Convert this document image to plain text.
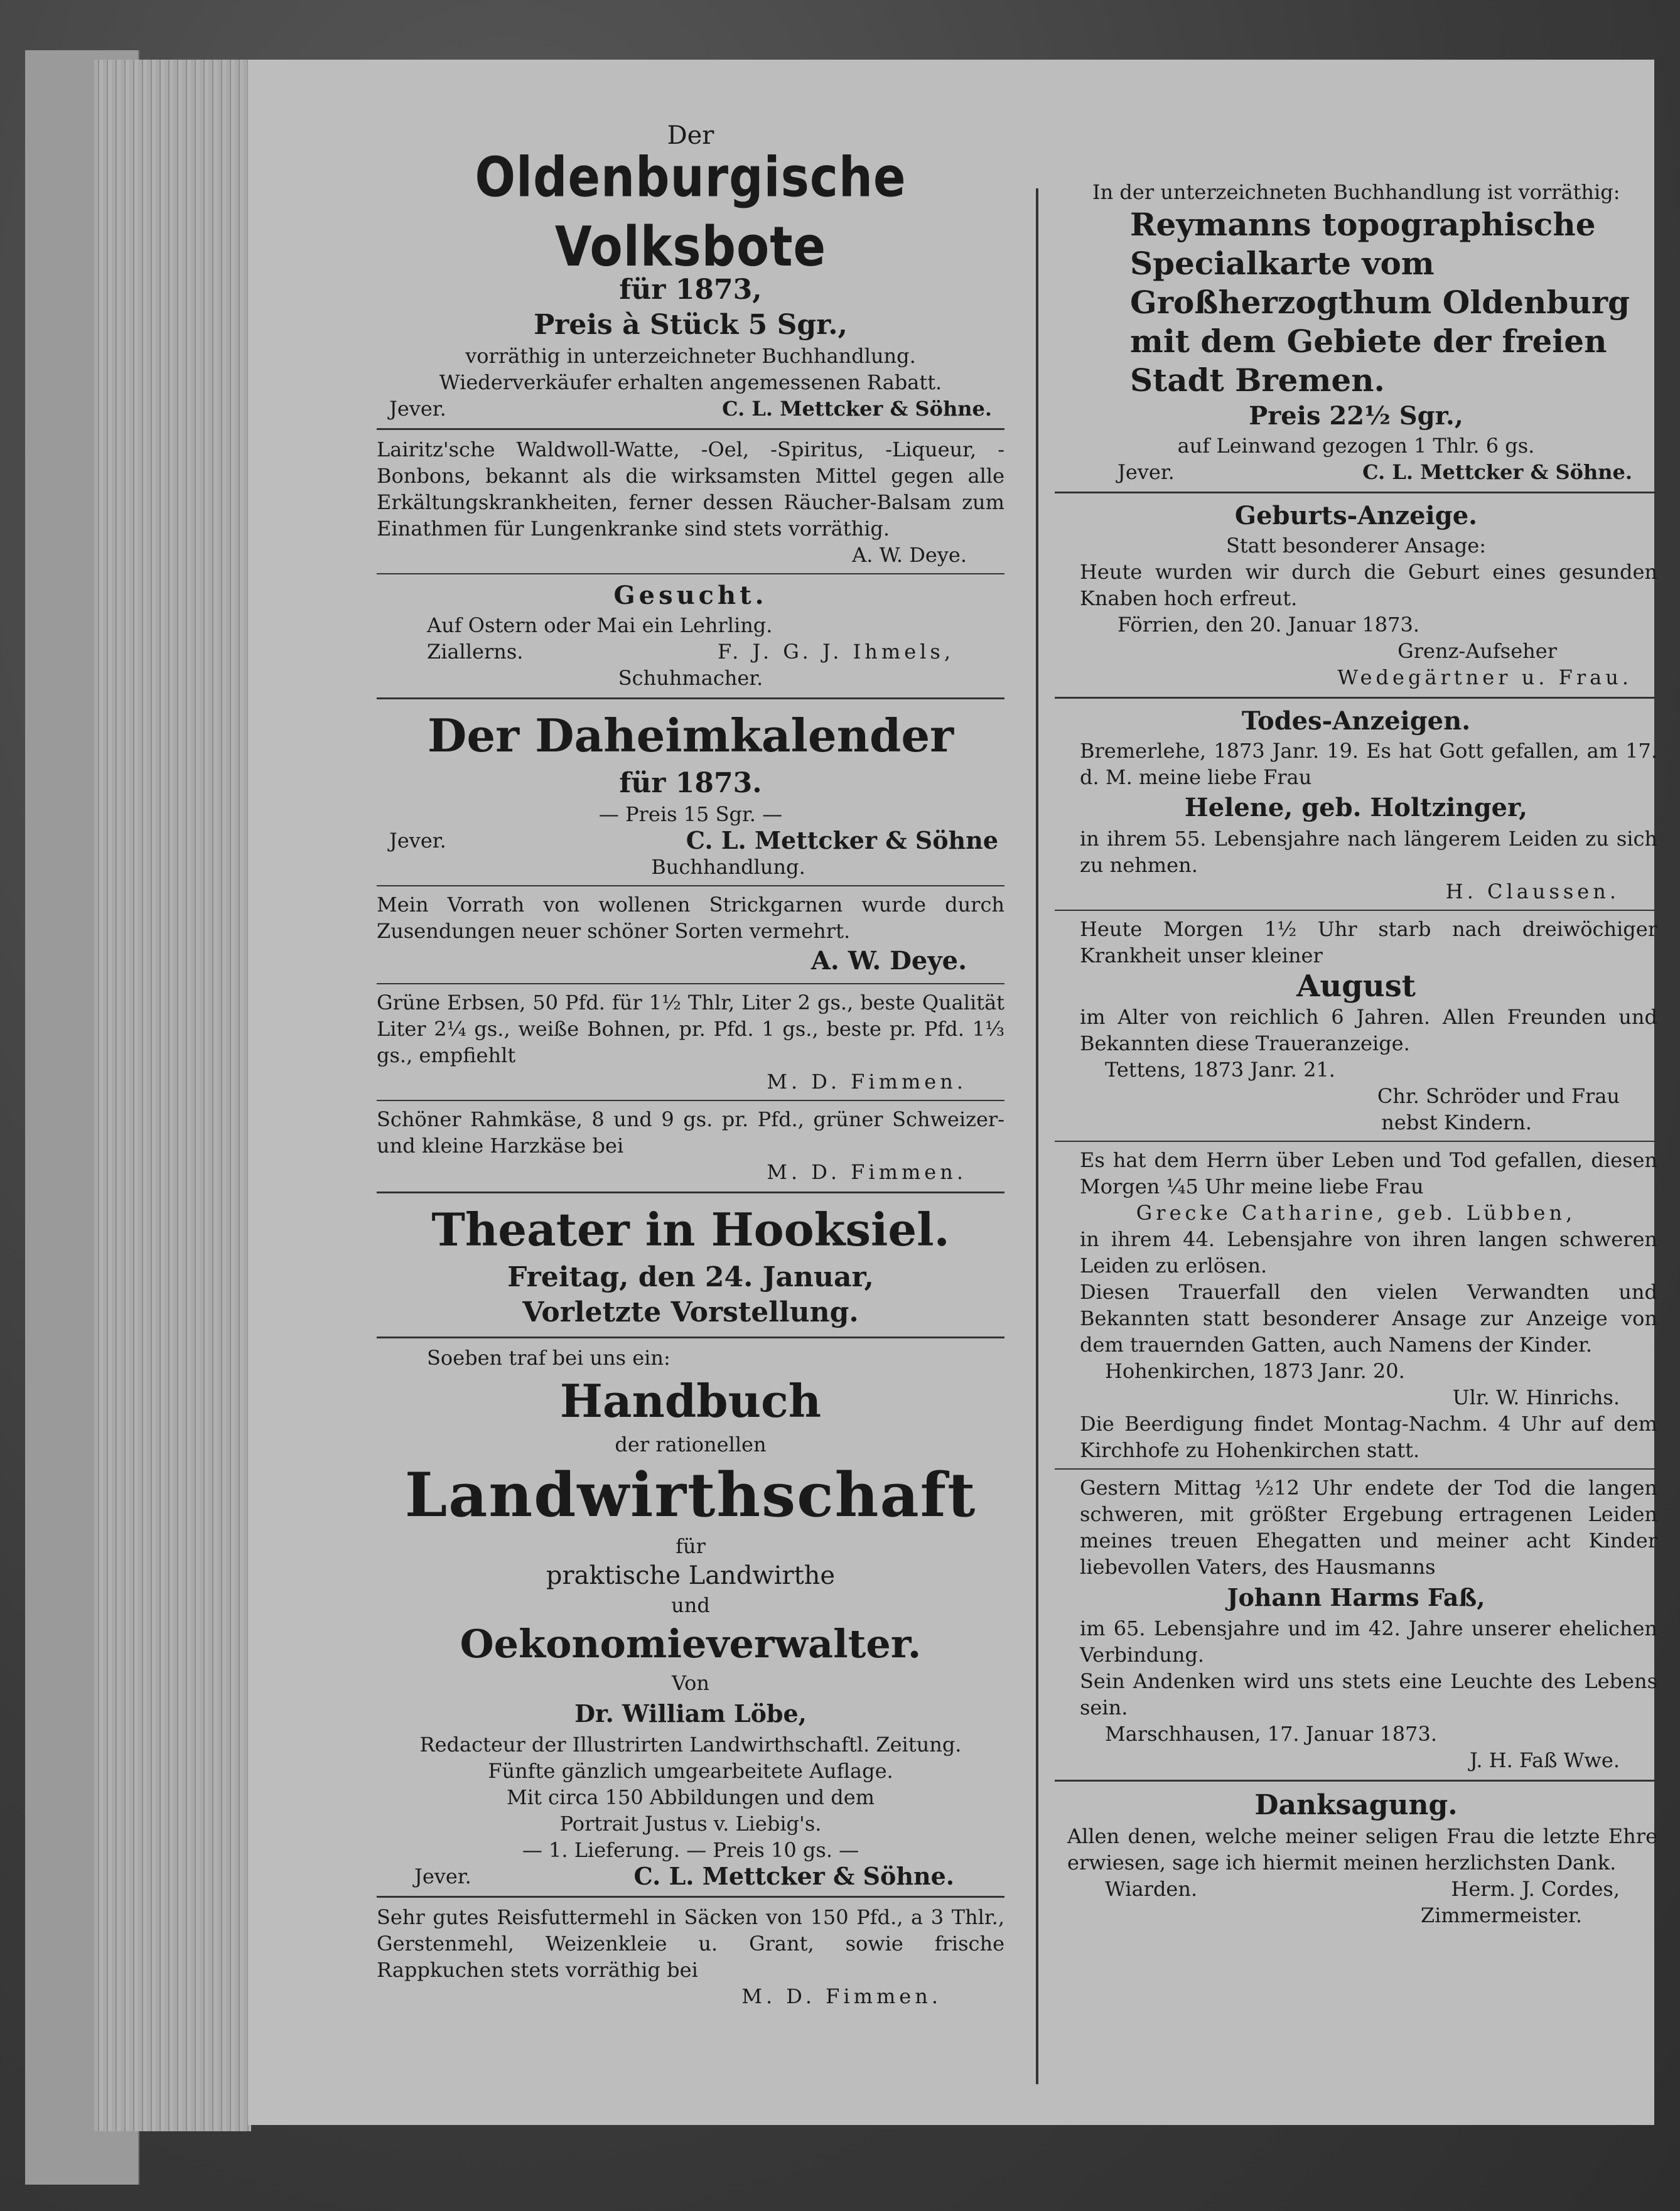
Der
Oldenburgische Volksbote
für 1873,
Preis à Stück 5 Sgr.,
vorräthig in unterzeichneter Buchhandlung.
Wiederverkäufer erhalten angemessenen Rabatt.
Jever.	C. L. Mettcker & Söhne.
Lairitz'sche Waldwoll-Watte, -Oel, -Spiritus, -Liqueur, -Bonbons, bekannt als die wirksamsten Mittel gegen alle Erkältungskrankheiten, ferner dessen Räucher-Balsam zum Einathmen für Lungenkranke sind stets vorräthig.
A. W. Deye.
Gesucht.
Auf Ostern oder Mai ein Lehrling.
Ziallerns.	F. J. G. J. Ihmels,
Schuhmacher.
Der Daheimkalender
für 1873.
— Preis 15 Sgr. —
Jever.	C. L. Mettcker & Söhne
Buchhandlung.
Mein Vorrath von wollenen Strickgarnen wurde durch Zusendungen neuer schöner Sorten vermehrt.
A. W. Deye.
Grüne Erbsen, 50 Pfd. für 1½ Thlr, Liter 2 gs., beste Qualität Liter 2¼ gs., weiße Bohnen, pr. Pfd. 1 gs., beste pr. Pfd. 1⅓ gs., empfiehlt
M. D. Fimmen.
Schöner Rahmkäse, 8 und 9 gs. pr. Pfd., grüner Schweizer- und kleine Harzkäse bei
M. D. Fimmen.
Theater in Hooksiel.
Freitag, den 24. Januar,
Vorletzte Vorstellung.
Soeben traf bei uns ein:
Handbuch
der rationellen
Landwirthschaft
für
praktische Landwirthe
und
Oekonomieverwalter.
Von
Dr. William Löbe,
Redacteur der Illustrirten Landwirthschaftl. Zeitung.
Fünfte gänzlich umgearbeitete Auflage.
Mit circa 150 Abbildungen und dem
Portrait Justus v. Liebig's.
— 1. Lieferung. — Preis 10 gs. —
Jever.	C. L. Mettcker & Söhne.
Sehr gutes Reisfuttermehl in Säcken von 150 Pfd., a 3 Thlr., Gerstenmehl, Weizenkleie u. Grant, sowie frische Rappkuchen stets vorräthig bei
M. D. Fimmen.
In der unterzeichneten Buchhandlung ist vorräthig:
Reymanns topographische Specialkarte vom Großherzogthum Oldenburg mit dem Gebiete der freien Stadt Bremen.
Preis 22½ Sgr.,
auf Leinwand gezogen 1 Thlr. 6 gs.
Jever.	C. L. Mettcker & Söhne.
Geburts-Anzeige.
Statt besonderer Ansage:
Heute wurden wir durch die Geburt eines gesunden Knaben hoch erfreut.
Förrien, den 20. Januar 1873.
Grenz-Aufseher
Wedegärtner u. Frau.
Todes-Anzeigen.
Bremerlehe, 1873 Janr. 19. Es hat Gott gefallen, am 17. d. M. meine liebe Frau
Helene, geb. Holtzinger,
in ihrem 55. Lebensjahre nach längerem Leiden zu sich zu nehmen.
H. Claussen.
Heute Morgen 1½ Uhr starb nach dreiwöchiger Krankheit unser kleiner
August
im Alter von reichlich 6 Jahren. Allen Freunden und Bekannten diese Traueranzeige.
Tettens, 1873 Janr. 21.
Chr. Schröder und Frau
nebst Kindern.
Es hat dem Herrn über Leben und Tod gefallen, diesen Morgen ¼5 Uhr meine liebe Frau
Grecke Catharine, geb. Lübben,
in ihrem 44. Lebensjahre von ihren langen schweren Leiden zu erlösen.
Diesen Trauerfall den vielen Verwandten und Bekannten statt besonderer Ansage zur Anzeige von dem trauernden Gatten, auch Namens der Kinder.
Hohenkirchen, 1873 Janr. 20.
Ulr. W. Hinrichs.
Die Beerdigung findet Montag-Nachm. 4 Uhr auf dem Kirchhofe zu Hohenkirchen statt.
Gestern Mittag ½12 Uhr endete der Tod die langen schweren, mit größter Ergebung ertragenen Leiden meines treuen Ehegatten und meiner acht Kinder liebevollen Vaters, des Hausmanns
Johann Harms Faß,
im 65. Lebensjahre und im 42. Jahre unserer ehelichen Verbindung.
Sein Andenken wird uns stets eine Leuchte des Lebens sein.
Marschhausen, 17. Januar 1873.
J. H. Faß Wwe.
Danksagung.
Allen denen, welche meiner seligen Frau die letzte Ehre erwiesen, sage ich hiermit meinen herzlichsten Dank.
Wiarden.	Herm. J. Cordes,
Zimmermeister.
